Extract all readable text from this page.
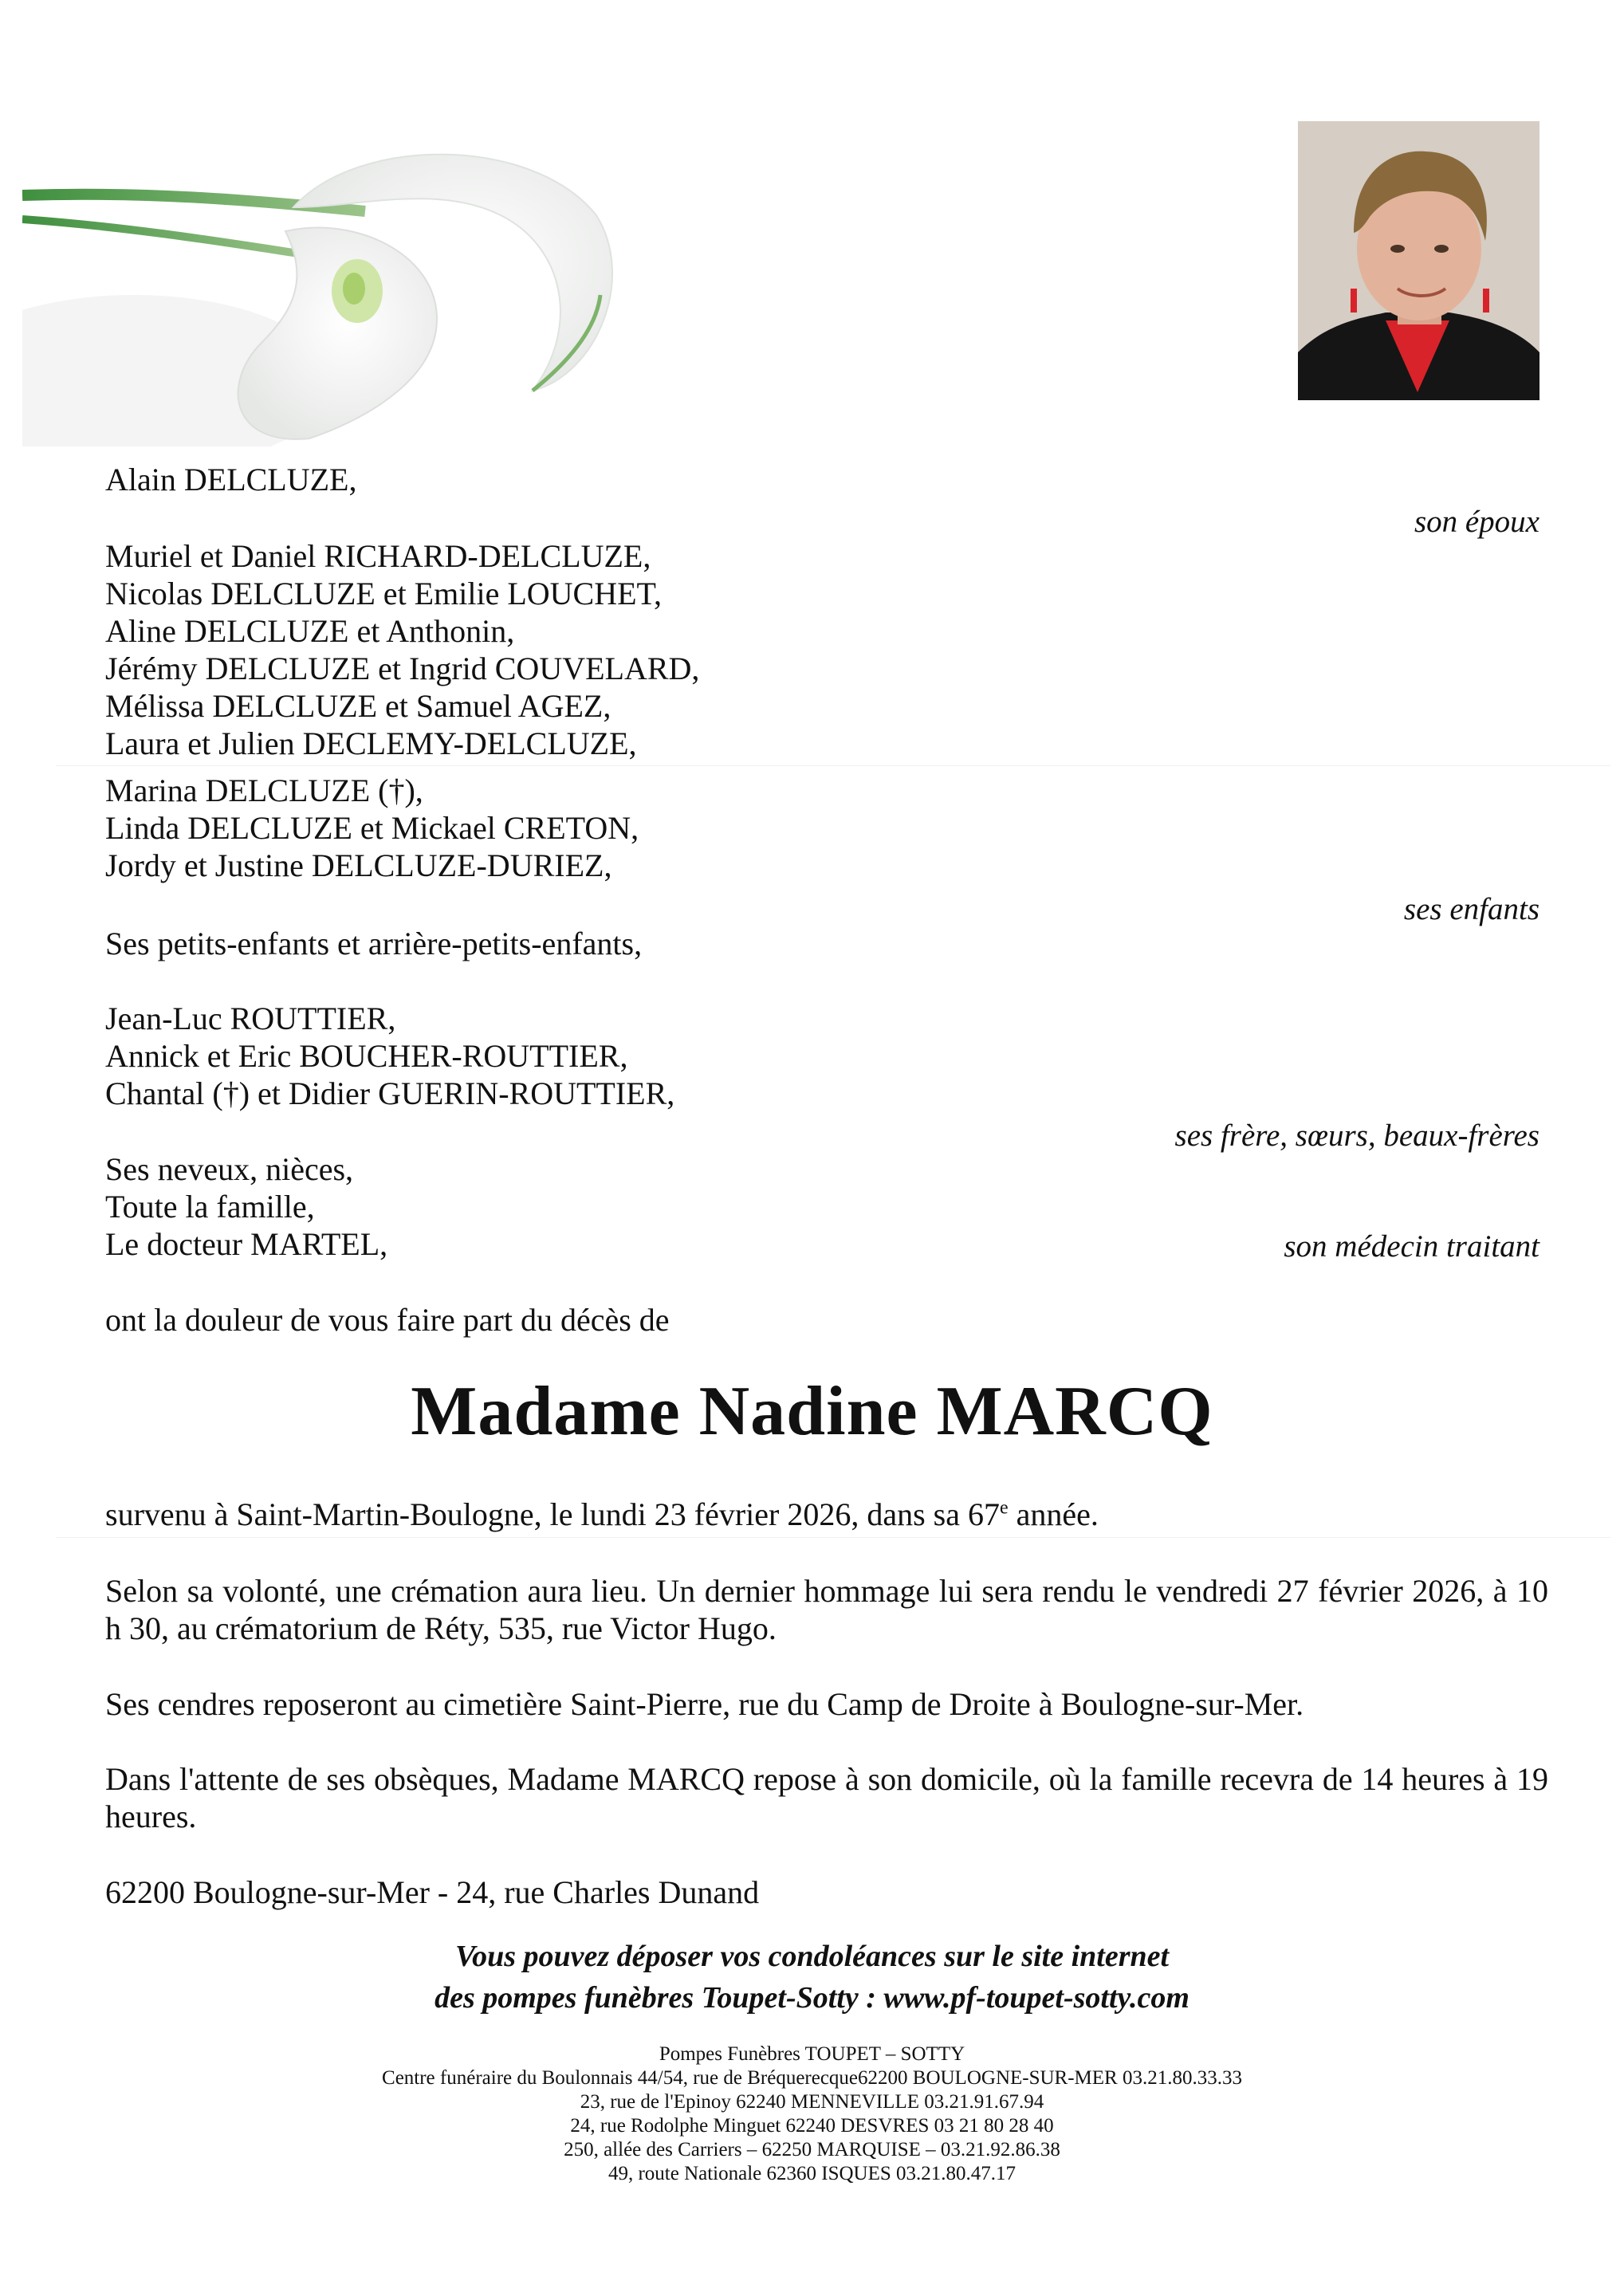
Alain DELCLUZE,
son époux
Muriel et Daniel RICHARD-DELCLUZE,
Nicolas DELCLUZE et Emilie LOUCHET,
Aline DELCLUZE et Anthonin,
Jérémy DELCLUZE et Ingrid COUVELARD,
Mélissa DELCLUZE et Samuel AGEZ,
Laura et Julien DECLEMY-DELCLUZE,
Marina DELCLUZE (†),
Linda DELCLUZE et Mickael CRETON,
Jordy et Justine DELCLUZE-DURIEZ,
ses enfants
Ses petits-enfants et arrière-petits-enfants,
Jean-Luc ROUTTIER,
Annick et Eric BOUCHER-ROUTTIER,
Chantal (†) et Didier GUERIN-ROUTTIER,
ses frère, sœurs, beaux-frères
Ses neveux, nièces,
Toute la famille,
Le docteur MARTEL,	son médecin traitant
ont la douleur de vous faire part du décès de
Madame Nadine MARCQ
survenu à Saint-Martin-Boulogne, le lundi 23 février 2026, dans sa 67e année.
Selon sa volonté, une crémation aura lieu. Un dernier hommage lui sera rendu le vendredi 27 février 2026, à 10 h 30, au crématorium de Réty, 535, rue Victor Hugo.
Ses cendres reposeront au cimetière Saint-Pierre, rue du Camp de Droite à Boulogne-sur-Mer.
Dans l'attente de ses obsèques, Madame MARCQ repose à son domicile, où la famille recevra de 14 heures à 19 heures.
62200 Boulogne-sur-Mer - 24, rue Charles Dunand
Vous pouvez déposer vos condoléances sur le site internet
des pompes funèbres Toupet-Sotty : www.pf-toupet-sotty.com
Pompes Funèbres TOUPET – SOTTY
Centre funéraire du Boulonnais 44/54, rue de Bréquerecque62200 BOULOGNE-SUR-MER 03.21.80.33.33
23, rue de l'Epinoy 62240 MENNEVILLE 03.21.91.67.94
24, rue Rodolphe Minguet 62240 DESVRES 03 21 80 28 40
250, allée des Carriers – 62250 MARQUISE – 03.21.92.86.38
49, route Nationale 62360 ISQUES 03.21.80.47.17
